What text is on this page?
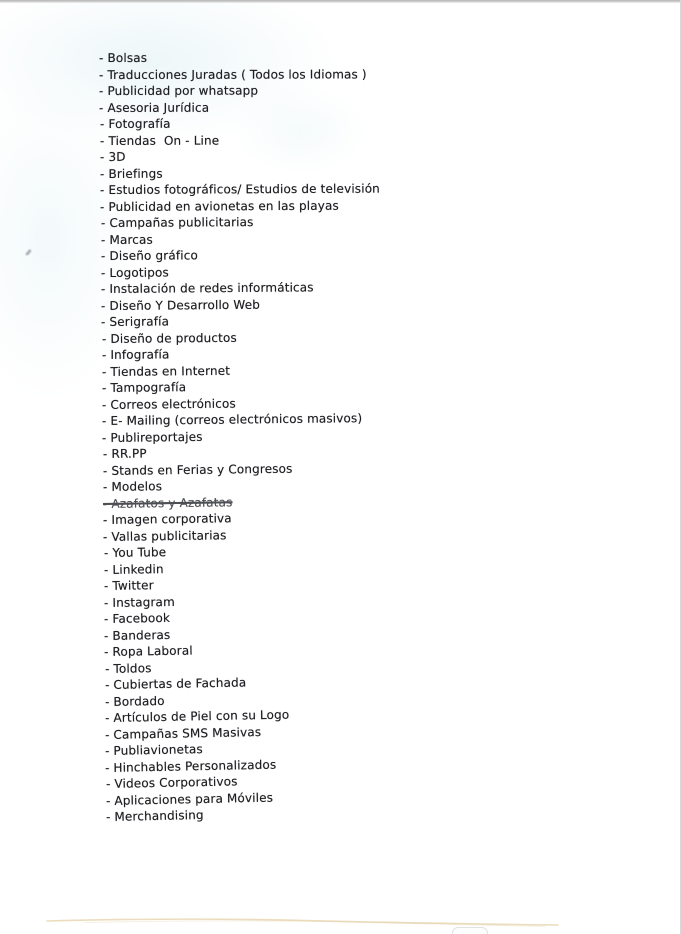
- Bolsas
- Traducciones Juradas ( Todos los Idiomas )
- Publicidad por whatsapp
- Asesoria Jurídica
- Fotografía
- Tiendas  On - Line
- 3D
- Briefings
- Estudios fotográficos/ Estudios de televisión
- Publicidad en avionetas en las playas
- Campañas publicitarias
- Marcas
- Diseño gráfico
- Logotipos
- Instalación de redes informáticas
- Diseño Y Desarrollo Web
- Serigrafía
- Diseño de productos
- Infografía
- Tiendas en Internet
- Tampografía
- Correos electrónicos
- E- Mailing (correos electrónicos masivos)
- Publireportajes
- RR.PP
- Stands en Ferias y Congresos
- Modelos
- Azafatos y Azafatas
- Imagen corporativa
- Vallas publicitarias
- You Tube
- Linkedin
- Twitter
- Instagram
- Facebook
- Banderas
- Ropa Laboral
- Toldos
- Cubiertas de Fachada
- Bordado
- Artículos de Piel con su Logo
- Campañas SMS Masivas
- Publiavionetas
- Hinchables Personalizados
- Videos Corporativos
- Aplicaciones para Móviles
- Merchandising
